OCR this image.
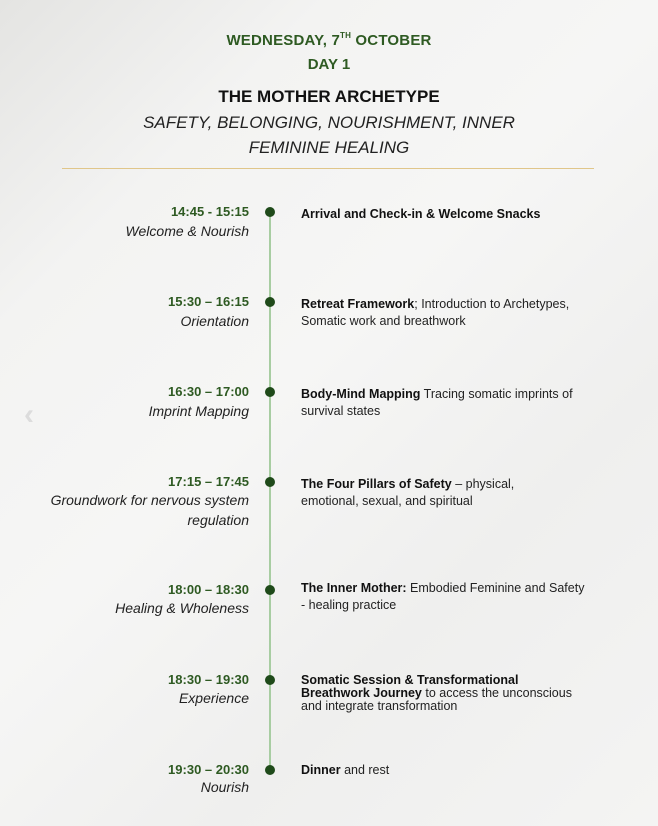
WEDNESDAY, 7TH OCTOBER
DAY 1
THE MOTHER ARCHETYPE
SAFETY, BELONGING, NOURISHMENT, INNER FEMININE HEALING
‹
14:45 - 15:15
Welcome & Nourish
Arrival and Check-in & Welcome Snacks
15:30 – 16:15
Orientation
Retreat Framework; Introduction to Archetypes, Somatic work and breathwork
16:30 – 17:00
Imprint Mapping
Body-Mind Mapping Tracing somatic imprints of survival states
17:15 – 17:45
Groundwork for nervous system regulation
The Four Pillars of Safety – physical, emotional, sexual, and spiritual
18:00 – 18:30
Healing & Wholeness
The Inner Mother: Embodied Feminine and Safety - healing practice
18:30 – 19:30
Experience
Somatic Session & Transformational Breathwork Journey to access the unconscious and integrate transformation
19:30 – 20:30
Nourish
Dinner and rest
